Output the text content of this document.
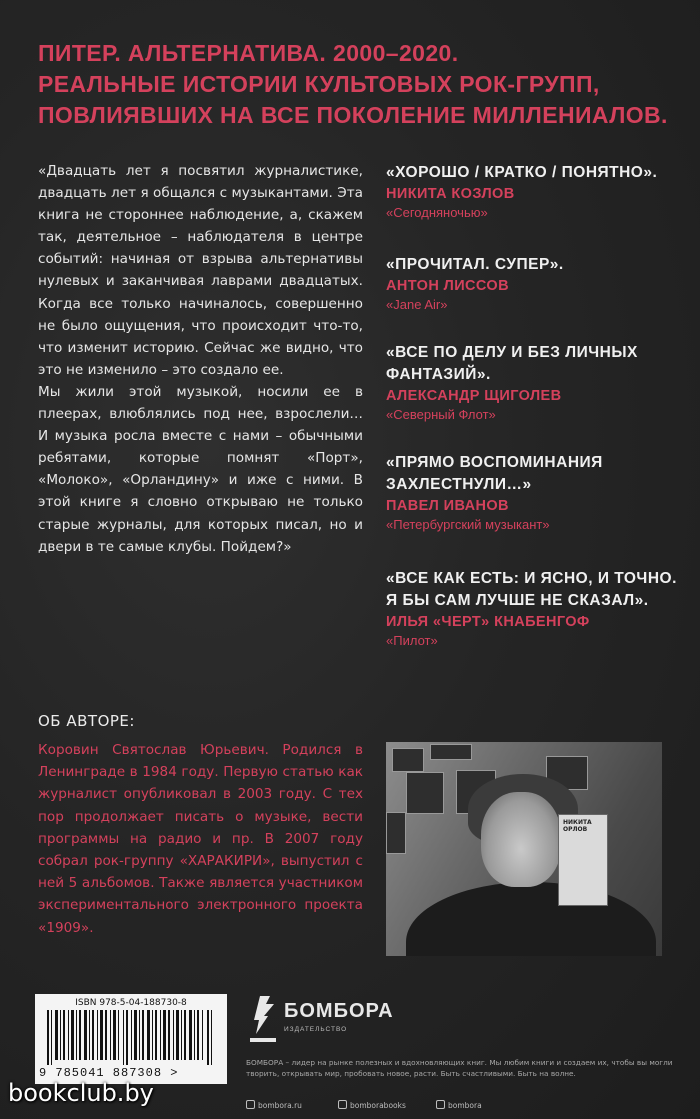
ПИТЕР. АЛЬТЕРНАТИВА. 2000–2020.
РЕАЛЬНЫЕ ИСТОРИИ КУЛЬТОВЫХ РОК-ГРУПП,
ПОВЛИЯВШИХ НА ВСЕ ПОКОЛЕНИЕ МИЛЛЕНИАЛОВ.

«Двадцать лет я посвятил журналистике, двадцать лет я общался с музыкантами. Эта книга не стороннее наблюдение, а, скажем так, деятельное – наблюдателя в центре событий: начиная от взрыва альтернативы нулевых и заканчивая лаврами двадцатых. Когда все только начиналось, совершенно не было ощущения, что происходит что-то, что изменит историю. Сейчас же видно, что это не изменило – это создало ее.

Мы жили этой музыкой, носили ее в плеерах, влюблялись под нее, взрослели… И музыка росла вместе с нами – обычными ребятами, которые помнят «Порт», «Молоко», «Орландину» и иже с ними. В этой книге я словно открываю не только старые журналы, для которых писал, но и двери в те самые клубы. Пойдем?»

«ХОРОШО / КРАТКО / ПОНЯТНО».
НИКИТА КОЗЛОВ
«Сегодняночью»
«ПРОЧИТАЛ. СУПЕР».
АНТОН ЛИССОВ
«Jane Air»
«ВСЕ ПО ДЕЛУ И БЕЗ ЛИЧНЫХ ФАНТАЗИЙ».
АЛЕКСАНДР ЩИГОЛЕВ
«Северный Флот»
«ПРЯМО ВОСПОМИНАНИЯ ЗАХЛЕСТНУЛИ…»
ПАВЕЛ ИВАНОВ
«Петербургский музыкант»
«ВСЕ КАК ЕСТЬ: И ЯСНО, И ТОЧНО. Я БЫ САМ ЛУЧШЕ НЕ СКАЗАЛ».
ИЛЬЯ «ЧЕРТ» КНАБЕНГОФ
«Пилот»
ОБ АВТОРЕ:
Коровин Святослав Юрьевич. Родился в Ленинграде в 1984 году. Первую статью как журналист опубликовал в 2003 году. С тех пор продолжает писать о музыке, вести программы на радио и пр. В 2007 году собрал рок-группу «ХАРАКИРИ», выпустил с ней 5 альбомов. Также является участником экспериментального электронного проекта «1909».
НИКИТА ОРЛОВ
ISBN 978-5-04-188730-8
9 785041 887308 >
БОМБОРА
ИЗДАТЕЛЬСТВО
БОМБОРА – лидер на рынке полезных и вдохновляющих книг. Мы любим книги и создаем их, чтобы вы могли творить, открывать мир, пробовать новое, расти. Быть счастливыми. Быть на волне.
bombora.ru	bomborabooks	bombora
bookclub.by
